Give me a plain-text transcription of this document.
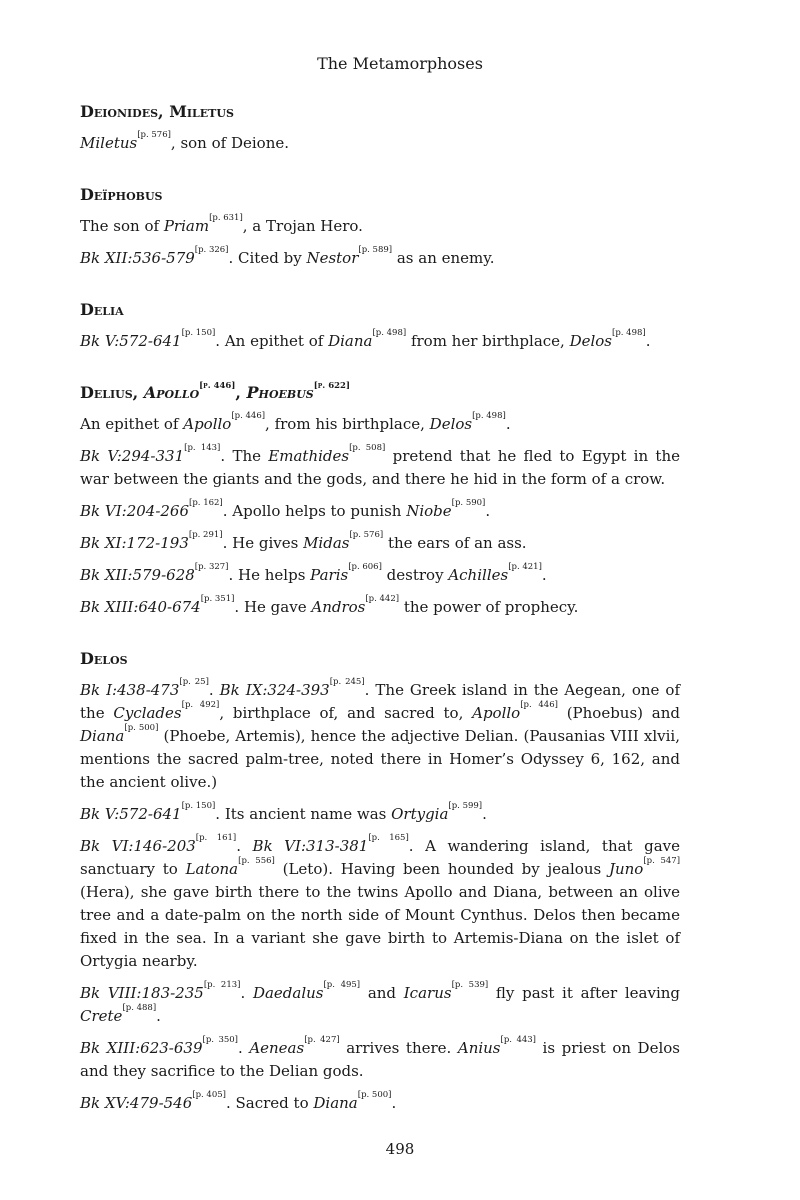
The Metamorphoses
Deionides, Miletus

Miletus[p. 576], son of Deione.

Deïphobus

The son of Priam[p. 631], a Trojan Hero.

Bk XII:536-579[p. 326]. Cited by Nestor[p. 589] as an enemy.

Delia

Bk V:572-641[p. 150]. An epithet of Diana[p. 498] from her birthplace, Delos[p. 498].

Delius, Apollo[p. 446], Phoebus[p. 622]

An epithet of Apollo[p. 446], from his birthplace, Delos[p. 498].

Bk V:294-331[p. 143]. The Emathides[p. 508] pretend that he fled to Egypt in the war between the giants and the gods, and there he hid in the form of a crow.

Bk VI:204-266[p. 162]. Apollo helps to punish Niobe[p. 590].

Bk XI:172-193[p. 291]. He gives Midas[p. 576] the ears of an ass.

Bk XII:579-628[p. 327]. He helps Paris[p. 606] destroy Achilles[p. 421].

Bk XIII:640-674[p. 351]. He gave Andros[p. 442] the power of prophecy.

Delos

Bk I:438-473[p. 25]. Bk IX:324-393[p. 245]. The Greek island in the Aegean, one of the Cyclades[p. 492], birthplace of, and sacred to, Apollo[p. 446] (Phoebus) and Diana[p. 500] (Phoebe, Artemis), hence the adjective Delian. (Pausanias VIII xlvii, mentions the sacred palm-tree, noted there in Homer’s Odyssey 6, 162, and the ancient olive.)

Bk V:572-641[p. 150]. Its ancient name was Ortygia[p. 599].

Bk VI:146-203[p. 161]. Bk VI:313-381[p. 165]. A wandering island, that gave sanctuary to Latona[p. 556] (Leto). Having been hounded by jealous Juno[p. 547] (Hera), she gave birth there to the twins Apollo and Diana, between an olive tree and a date-palm on the north side of Mount Cynthus. Delos then became fixed in the sea. In a variant she gave birth to Artemis-Diana on the islet of Ortygia nearby.

Bk VIII:183-235[p. 213]. Daedalus[p. 495] and Icarus[p. 539] fly past it after leaving Crete[p. 488].

Bk XIII:623-639[p. 350]. Aeneas[p. 427] arrives there. Anius[p. 443] is priest on Delos and they sacrifice to the Delian gods.

Bk XV:479-546[p. 405]. Sacred to Diana[p. 500].

498
